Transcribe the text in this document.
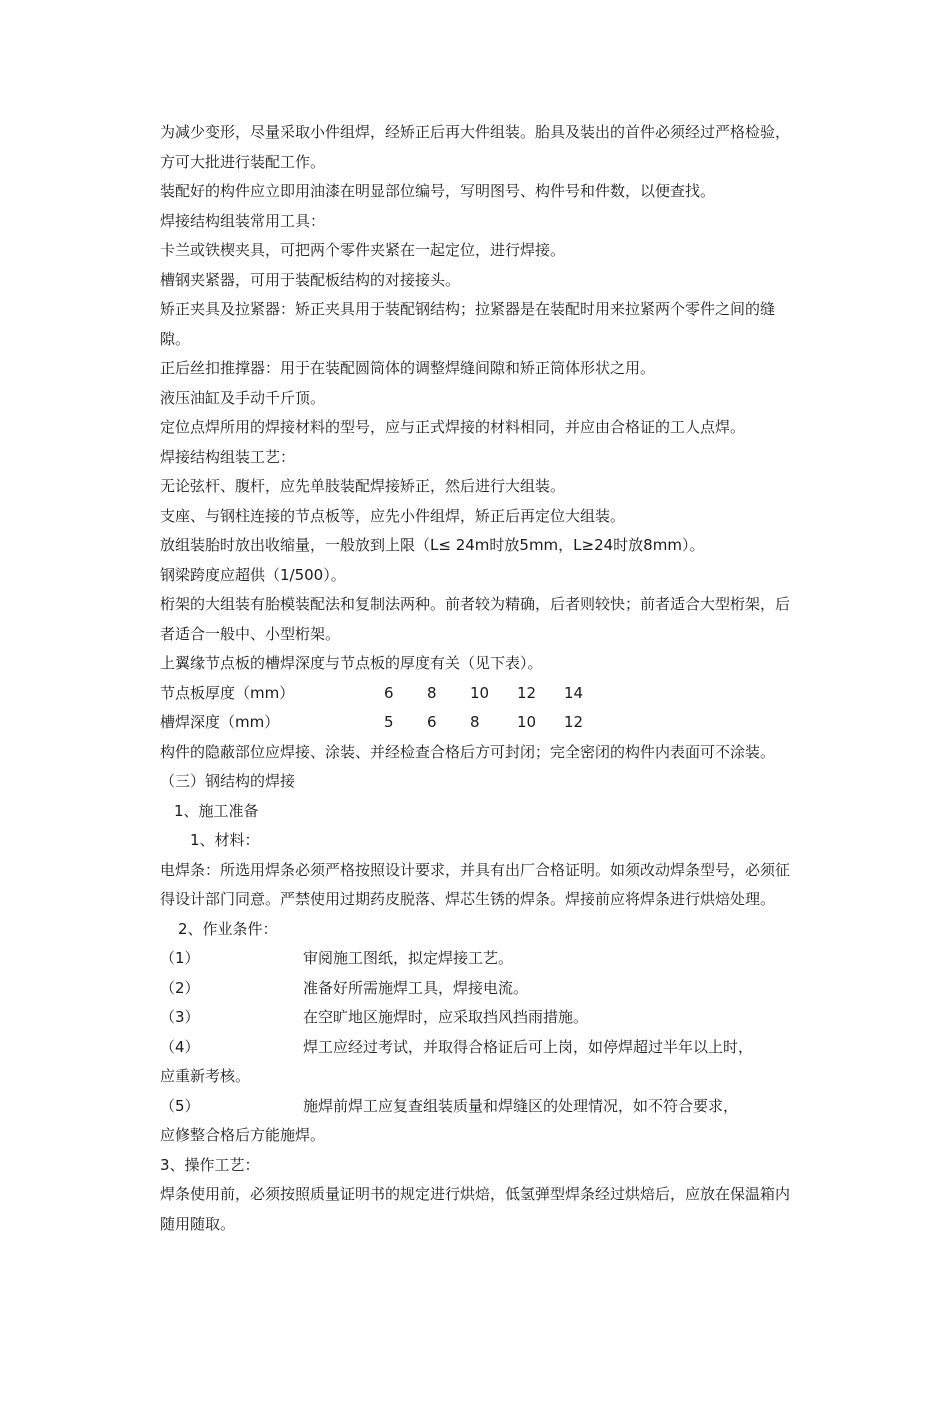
为减少变形，尽量采取小件组焊，经矫正后再大件组装。胎具及装出的首件必须经过严格检验，方可大批进行装配工作。
装配好的构件应立即用油漆在明显部位编号，写明图号、构件号和件数，以便查找。
焊接结构组装常用工具：
卡兰或铁楔夹具，可把两个零件夹紧在一起定位，进行焊接。
槽钢夹紧器，可用于装配板结构的对接接头。
矫正夹具及拉紧器：矫正夹具用于装配钢结构；拉紧器是在装配时用来拉紧两个零件之间的缝隙。
正后丝扣推撑器：用于在装配圆筒体的调整焊缝间隙和矫正筒体形状之用。
液压油缸及手动千斤顶。
定位点焊所用的焊接材料的型号，应与正式焊接的材料相同，并应由合格证的工人点焊。
焊接结构组装工艺：
无论弦杆、腹杆，应先单肢装配焊接矫正，然后进行大组装。
支座、与钢柱连接的节点板等，应先小件组焊，矫正后再定位大组装。
放组装胎时放出收缩量，一般放到上限（L≤ 24m时放5mm，L≥24时放8mm）。
钢梁跨度应超供（1/500）。
桁架的大组装有胎模装配法和复制法两种。前者较为精确，后者则较快；前者适合大型桁架，后者适合一般中、小型桁架。
上翼缘节点板的槽焊深度与节点板的厚度有关（见下表）。
节点板厚度（mm）	6 8 10 12 14
槽焊深度（mm）	5 6 8 10 12
构件的隐蔽部位应焊接、涂装、并经检查合格后方可封闭；完全密闭的构件内表面可不涂装。
（三）钢结构的焊接
1、施工准备
1、材料：
电焊条：所选用焊条必须严格按照设计要求，并具有出厂合格证明。如须改动焊条型号，必须征得设计部门同意。严禁使用过期药皮脱落、焊芯生锈的焊条。焊接前应将焊条进行烘焙处理。
2、作业条件：
（1）	审阅施工图纸，拟定焊接工艺。
（2）	准备好所需施焊工具，焊接电流。
（3）	在空旷地区施焊时，应采取挡风挡雨措施。
（4）	焊工应经过考试，并取得合格证后可上岗，如停焊超过半年以上时，
应重新考核。
（5）	施焊前焊工应复查组装质量和焊缝区的处理情况，如不符合要求，
应修整合格后方能施焊。
3、操作工艺：
焊条使用前，必须按照质量证明书的规定进行烘焙，低氢弹型焊条经过烘焙后，应放在保温箱内随用随取。
